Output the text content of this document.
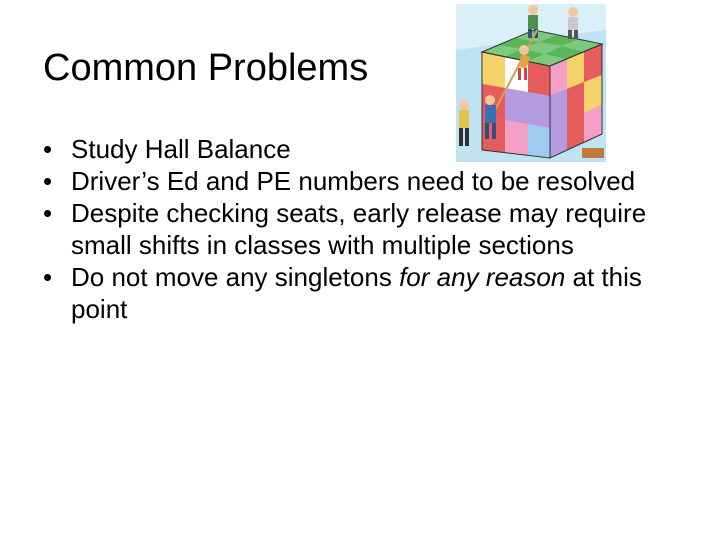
Common Problems
• Study Hall Balance
• Driver’s Ed and PE numbers need to be resolved
• Despite checking seats, early release may require small shifts in classes with multiple sections
• Do not move any singletons for any reason at this point
